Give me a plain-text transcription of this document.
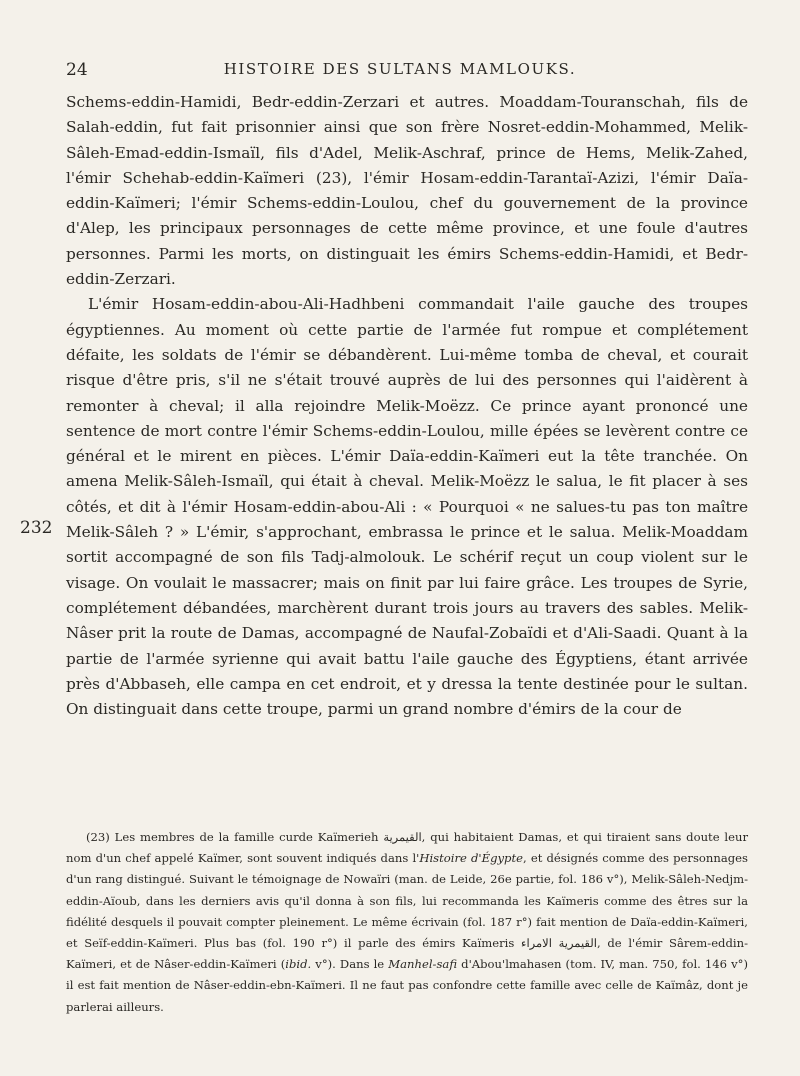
24	HISTOIRE DES SULTANS MAMLOUKS.
232

Schems-eddin-Hamidi, Bedr-eddin-Zerzari et autres. Moaddam-Touranschah, fils de Salah-eddin, fut fait prisonnier ainsi que son frère Nosret-eddin-Mohammed, Melik-Sâleh-Emad-eddin-Ismaïl, fils d'Adel, Melik-Aschraf, prince de Hems, Melik-Zahed, l'émir Schehab-eddin-Kaïmeri (23), l'émir Hosam-eddin-Tarantaï-Azizi, l'émir Daïa-eddin-Kaïmeri; l'émir Schems-eddin-Loulou, chef du gouvernement de la province d'Alep, les principaux personnages de cette même province, et une foule d'autres personnes. Parmi les morts, on distinguait les émirs Schems-eddin-Hamidi, et Bedr-eddin-Zerzari.

L'émir Hosam-eddin-abou-Ali-Hadhbeni commandait l'aile gauche des troupes égyptiennes. Au moment où cette partie de l'armée fut rompue et complétement défaite, les soldats de l'émir se débandèrent. Lui-même tomba de cheval, et courait risque d'être pris, s'il ne s'était trouvé auprès de lui des personnes qui l'aidèrent à remonter à cheval; il alla rejoindre Melik-Moëzz. Ce prince ayant prononcé une sentence de mort contre l'émir Schems-eddin-Loulou, mille épées se levèrent contre ce général et le mirent en pièces. L'émir Daïa-eddin-Kaïmeri eut la tête tranchée. On amena Melik-Sâleh-Ismaïl, qui était à cheval. Melik-Moëzz le salua, le fit placer à ses côtés, et dit à l'émir Hosam-eddin-abou-Ali : « Pourquoi « ne salues-tu pas ton maître Melik-Sâleh ? » L'émir, s'approchant, embrassa le prince et le salua. Melik-Moaddam sortit accompagné de son fils Tadj-almolouk. Le schérif reçut un coup violent sur le visage. On voulait le massacrer; mais on finit par lui faire grâce. Les troupes de Syrie, complétement débandées, marchèrent durant trois jours au travers des sables. Melik-Nâser prit la route de Damas, accompagné de Naufal-Zobaïdi et d'Ali-Saadi. Quant à la partie de l'armée syrienne qui avait battu l'aile gauche des Égyptiens, étant arrivée près d'Abbaseh, elle campa en cet endroit, et y dressa la tente destinée pour le sultan. On distinguait dans cette troupe, parmi un grand nombre d'émirs de la cour de

(23) Les membres de la famille curde Kaïmerieh القيمرية, qui habitaient Damas, et qui tiraient sans doute leur nom d'un chef appelé Kaïmer, sont souvent indiqués dans l'Histoire d'Égypte, et désignés comme des personnages d'un rang distingué. Suivant le témoignage de Nowaïri (man. de Leide, 26e partie, fol. 186 v°), Melik-Sâleh-Nedjm-eddin-Aïoub, dans les derniers avis qu'il donna à son fils, lui recommanda les Kaïmeris comme des êtres sur la fidélité desquels il pouvait compter pleinement. Le même écrivain (fol. 187 r°) fait mention de Daïa-eddin-Kaïmeri, et Seïf-eddin-Kaïmeri. Plus bas (fol. 190 r°) il parle des émirs Kaïmeris القيمرية الامراء, de l'émir Sârem-eddin-Kaïmeri, et de Nâser-eddin-Kaïmeri (ibid. v°). Dans le Manhel-safi d'Abou'lmahasen (tom. IV, man. 750, fol. 146 v°) il est fait mention de Nâser-eddin-ebn-Kaïmeri. Il ne faut pas confondre cette famille avec celle de Kaïmâz, dont je parlerai ailleurs.
